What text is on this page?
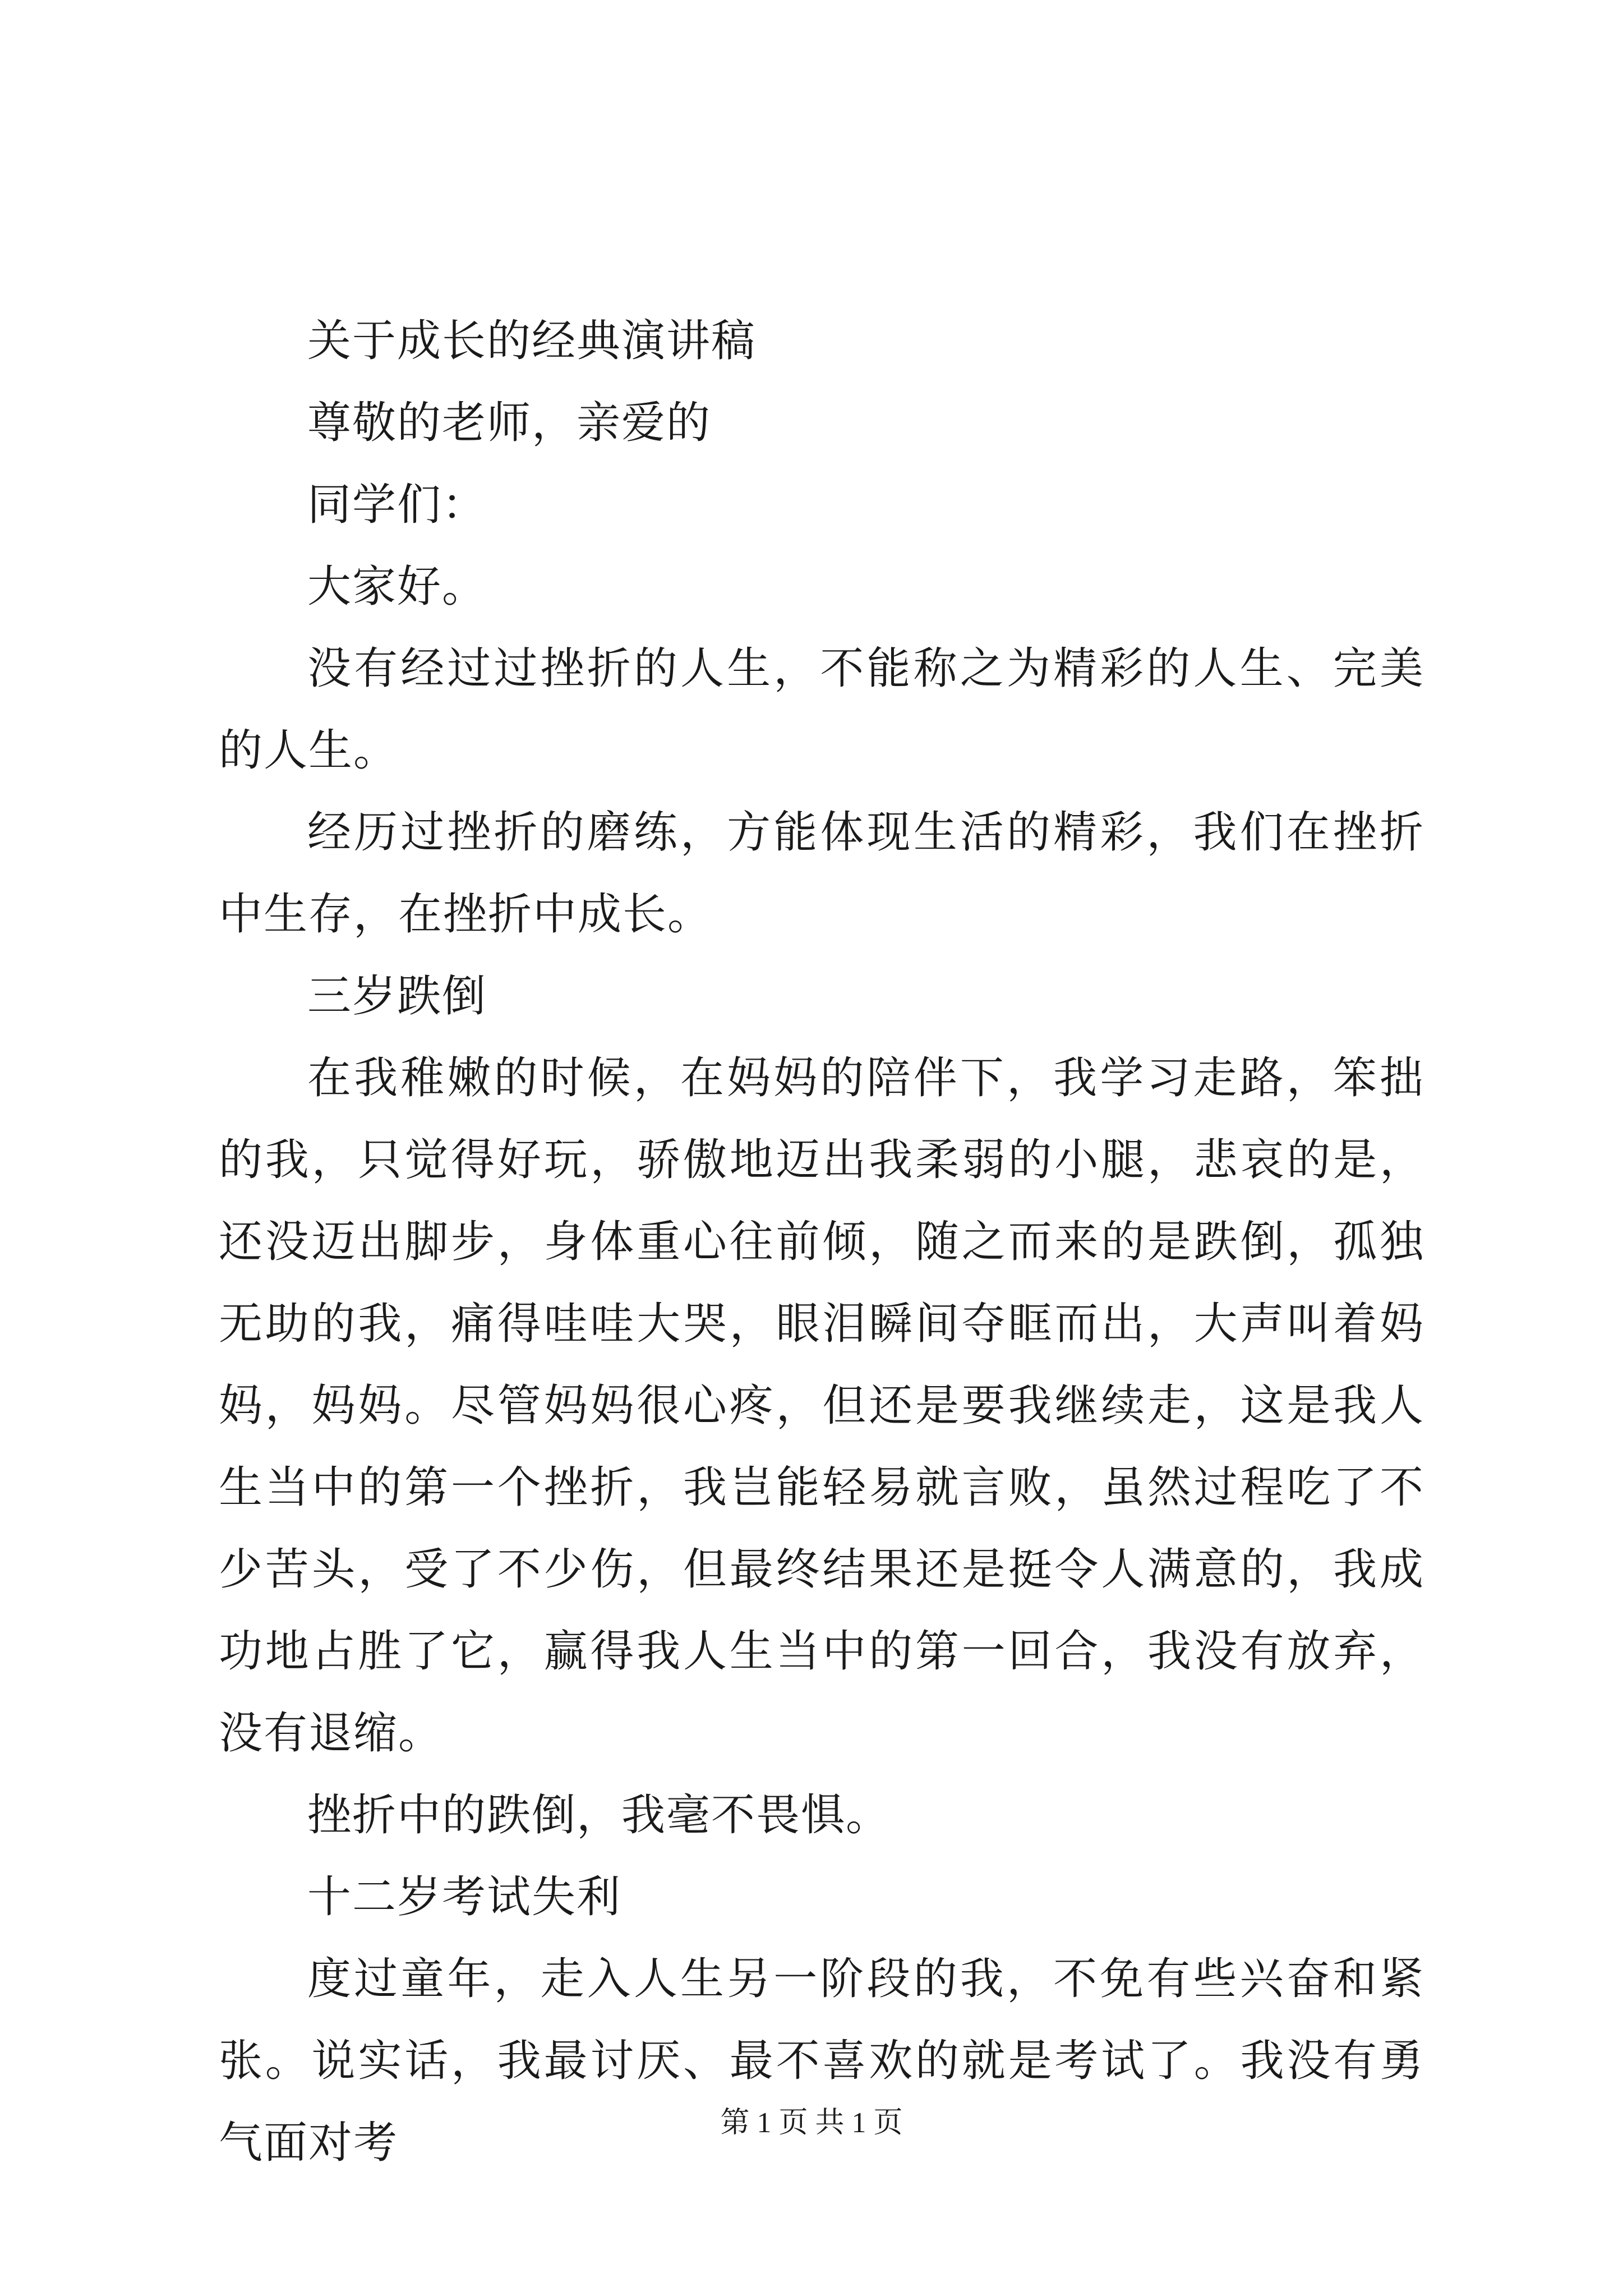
关于成长的经典演讲稿

尊敬的老师，亲爱的

同学们：

大家好。

没有经过过挫折的人生，不能称之为精彩的人生、完美的人生。

经历过挫折的磨练，方能体现生活的精彩，我们在挫折中生存，在挫折中成长。

三岁跌倒

在我稚嫩的时候，在妈妈的陪伴下，我学习走路，笨拙的我，只觉得好玩，骄傲地迈出我柔弱的小腿，悲哀的是，还没迈出脚步，身体重心往前倾，随之而来的是跌倒，孤独无助的我，痛得哇哇大哭，眼泪瞬间夺眶而出，大声叫着妈妈，妈妈。尽管妈妈很心疼，但还是要我继续走，这是我人生当中的第一个挫折，我岂能轻易就言败，虽然过程吃了不少苦头，受了不少伤，但最终结果还是挺令人满意的，我成功地占胜了它，赢得我人生当中的第一回合，我没有放弃，没有退缩。

挫折中的跌倒，我毫不畏惧。

十二岁考试失利

度过童年，走入人生另一阶段的我，不免有些兴奋和紧张。说实话，我最讨厌、最不喜欢的就是考试了。我没有勇气面对考	第 1 页 共 1 页
